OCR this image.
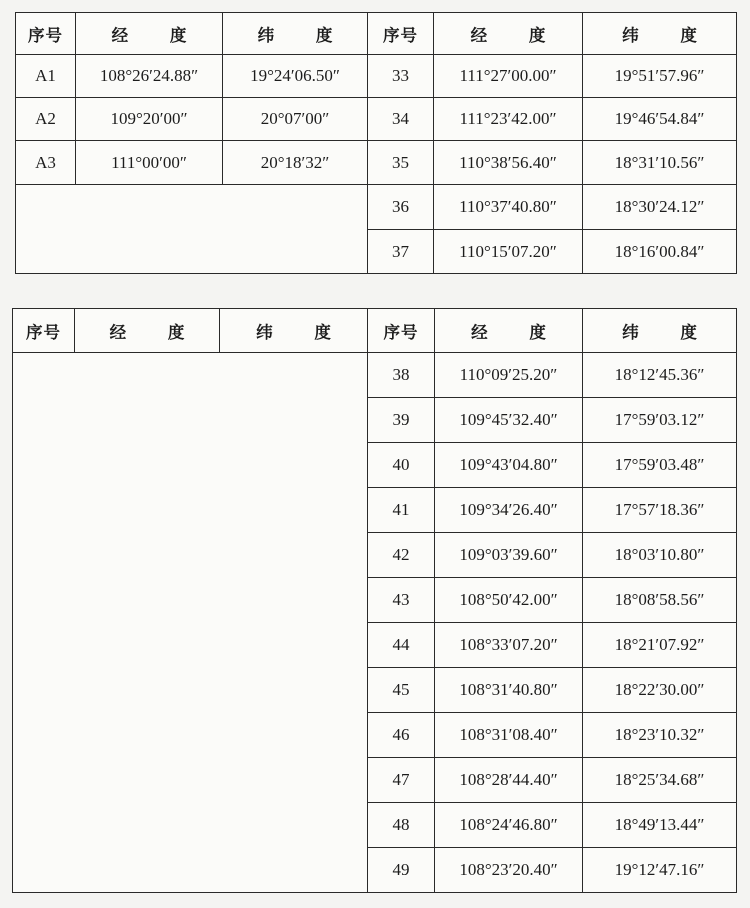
序号	经 度	纬 度	序号	经 度	纬 度
A1	108°26′24.88″	19°24′06.50″	33	111°27′00.00″	19°51′57.96″
A2	109°20′00″	20°07′00″	34	111°23′42.00″	19°46′54.84″
A3	111°00′00″	20°18′32″	35	110°38′56.40″	18°31′10.56″
			36	110°37′40.80″	18°30′24.12″
			37	110°15′07.20″	18°16′00.84″
序号	经 度	纬 度	序号	经 度	纬 度
			38	110°09′25.20″	18°12′45.36″
			39	109°45′32.40″	17°59′03.12″
			40	109°43′04.80″	17°59′03.48″
			41	109°34′26.40″	17°57′18.36″
			42	109°03′39.60″	18°03′10.80″
			43	108°50′42.00″	18°08′58.56″
			44	108°33′07.20″	18°21′07.92″
			45	108°31′40.80″	18°22′30.00″
			46	108°31′08.40″	18°23′10.32″
			47	108°28′44.40″	18°25′34.68″
			48	108°24′46.80″	18°49′13.44″
			49	108°23′20.40″	19°12′47.16″
